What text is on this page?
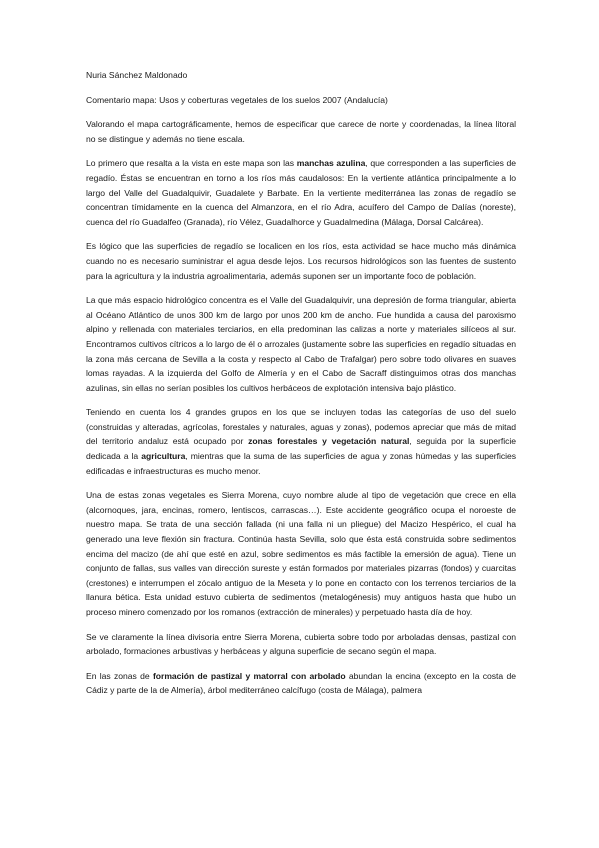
Nuria Sánchez Maldonado

Comentario mapa: Usos y coberturas vegetales de los suelos 2007 (Andalucía)

Valorando el mapa cartográficamente, hemos de especificar que carece de norte y coordenadas, la línea litoral no se distingue y además no tiene escala.

Lo primero que resalta a la vista en este mapa son las manchas azulina, que corresponden a las superficies de regadío. Éstas se encuentran en torno a los ríos más caudalosos: En la vertiente atlántica principalmente a lo largo del Valle del Guadalquivir, Guadalete y Barbate. En la vertiente mediterránea las zonas de regadío se concentran tímidamente en la cuenca del Almanzora, en el río Adra, acuífero del Campo de Dalías (noreste), cuenca del río Guadalfeo (Granada), río Vélez, Guadalhorce y Guadalmedina (Málaga, Dorsal Calcárea).

Es lógico que las superficies de regadío se localicen en los ríos, esta actividad se hace mucho más dinámica cuando no es necesario suministrar el agua desde lejos. Los recursos hidrológicos son las fuentes de sustento para la agricultura y la industria agroalimentaria, además suponen ser un importante foco de población.

La que más espacio hidrológico concentra es el Valle del Guadalquivir, una depresión de forma triangular, abierta al Océano Atlántico de unos 300 km de largo por unos 200 km de ancho. Fue hundida a causa del paroxismo alpino y rellenada con materiales terciarios, en ella predominan las calizas a norte y materiales silíceos al sur. Encontramos cultivos cítricos a lo largo de él o arrozales (justamente sobre las superficies en regadío situadas en la zona más cercana de Sevilla a la costa y respecto al Cabo de Trafalgar) pero sobre todo olivares en suaves lomas rayadas. A la izquierda del Golfo de Almería y en el Cabo de Sacraff distinguimos otras dos manchas azulinas, sin ellas no serían posibles los cultivos herbáceos de explotación intensiva bajo plástico.

Teniendo en cuenta los 4 grandes grupos en los que se incluyen todas las categorías de uso del suelo (construidas y alteradas, agrícolas, forestales y naturales, aguas y zonas), podemos apreciar que más de mitad del territorio andaluz está ocupado por zonas forestales y vegetación natural, seguida por la superficie dedicada a la agricultura, mientras que la suma de las superficies de agua y zonas húmedas y las superficies edificadas e infraestructuras es mucho menor.

Una de estas zonas vegetales es Sierra Morena, cuyo nombre alude al tipo de vegetación que crece en ella (alcornoques, jara, encinas, romero, lentiscos, carrascas…). Este accidente geográfico ocupa el noroeste de nuestro mapa. Se trata de una sección fallada (ni una falla ni un pliegue) del Macizo Hespérico, el cual ha generado una leve flexión sin fractura. Continúa hasta Sevilla, solo que ésta está construida sobre sedimentos encima del macizo (de ahí que esté en azul, sobre sedimentos es más factible la emersión de agua). Tiene un conjunto de fallas, sus valles van dirección sureste y están formados por materiales pizarras (fondos) y cuarcitas (crestones) e interrumpen el zócalo antiguo de la Meseta y lo pone en contacto con los terrenos terciarios de la llanura bética. Esta unidad estuvo cubierta de sedimentos (metalogénesis) muy antiguos hasta que hubo un proceso minero comenzado por los romanos (extracción de minerales) y perpetuado hasta día de hoy.

Se ve claramente la línea divisoria entre Sierra Morena, cubierta sobre todo por arboladas densas, pastizal con arbolado, formaciones arbustivas y herbáceas y alguna superficie de secano según el mapa.

En las zonas de formación de pastizal y matorral con arbolado abundan la encina (excepto en la costa de Cádiz y parte de la de Almería), árbol mediterráneo calcífugo (costa de Málaga), palmera
